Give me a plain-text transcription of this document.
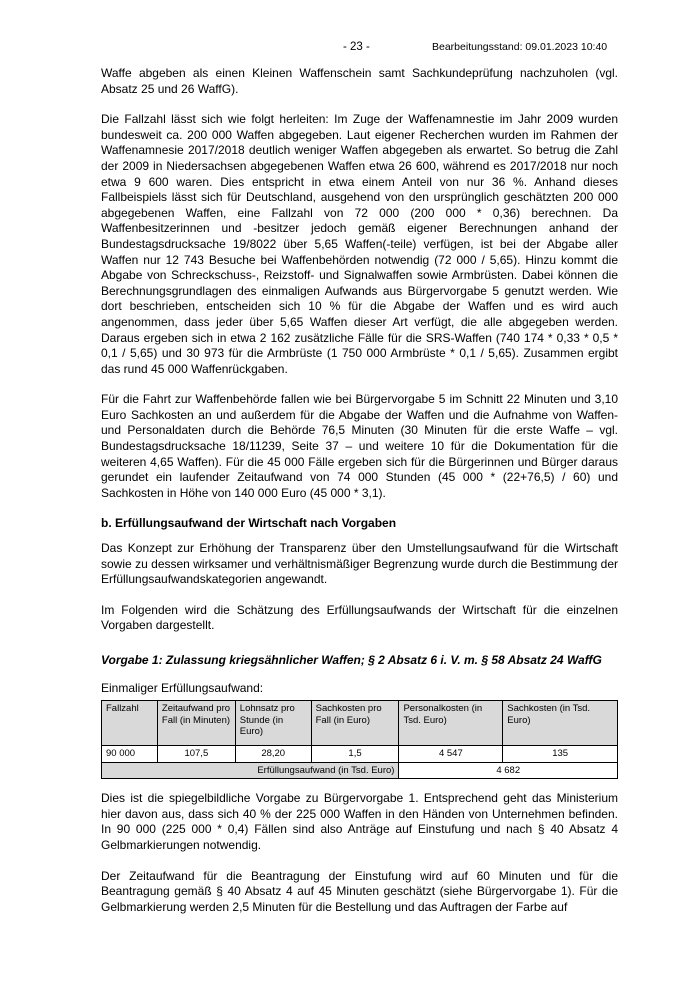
- 23 -	Bearbeitungsstand: 09.01.2023 10:40

Waffe abgeben als einen Kleinen Waffenschein samt Sachkundeprüfung nachzuholen (vgl. Absatz 25 und 26 WaffG).

Die Fallzahl lässt sich wie folgt herleiten: Im Zuge der Waffenamnestie im Jahr 2009 wurden bundesweit ca. 200 000 Waffen abgegeben. Laut eigener Recherchen wurden im Rahmen der Waffenamnesie 2017/2018 deutlich weniger Waffen abgegeben als erwartet. So betrug die Zahl der 2009 in Niedersachsen abgegebenen Waffen etwa 26 600, während es 2017/2018 nur noch etwa 9 600 waren. Dies entspricht in etwa einem Anteil von nur 36 %. Anhand dieses Fallbeispiels lässt sich für Deutschland, ausgehend von den ursprünglich geschätzten 200 000 abgegebenen Waffen, eine Fallzahl von 72 000 (200 000 * 0,36) berechnen. Da Waffenbesitzerinnen und -besitzer jedoch gemäß eigener Berechnungen anhand der Bundestagsdrucksache 19/8022 über 5,65 Waffen(-teile) verfügen, ist bei der Abgabe aller Waffen nur 12 743 Besuche bei Waffenbehörden notwendig (72 000 / 5,65). Hinzu kommt die Abgabe von Schreckschuss-, Reizstoff- und Signalwaffen sowie Armbrüsten. Dabei können die Berechnungsgrundlagen des einmaligen Aufwands aus Bürgervorgabe 5 genutzt werden. Wie dort beschrieben, entscheiden sich 10 % für die Abgabe der Waffen und es wird auch angenommen, dass jeder über 5,65 Waffen dieser Art verfügt, die alle abgegeben werden. Daraus ergeben sich in etwa 2 162 zusätzliche Fälle für die SRS-Waffen (740 174 * 0,33 * 0,5 * 0,1 / 5,65) und 30 973 für die Armbrüste (1 750 000 Armbrüste * 0,1 / 5,65). Zusammen ergibt das rund 45 000 Waffenrückgaben.

Für die Fahrt zur Waffenbehörde fallen wie bei Bürgervorgabe 5 im Schnitt 22 Minuten und 3,10 Euro Sachkosten an und außerdem für die Abgabe der Waffen und die Aufnahme von Waffen- und Personaldaten durch die Behörde 76,5 Minuten (30 Minuten für die erste Waffe – vgl. Bundestagsdrucksache 18/11239, Seite 37 – und weitere 10 für die Dokumentation für die weiteren 4,65 Waffen). Für die 45 000 Fälle ergeben sich für die Bürgerinnen und Bürger daraus gerundet ein laufender Zeitaufwand von 74 000 Stunden (45 000 * (22+76,5) / 60) und Sachkosten in Höhe von 140 000 Euro (45 000 * 3,1).

b. Erfüllungsaufwand der Wirtschaft nach Vorgaben

Das Konzept zur Erhöhung der Transparenz über den Umstellungsaufwand für die Wirtschaft sowie zu dessen wirksamer und verhältnismäßiger Begrenzung wurde durch die Bestimmung der Erfüllungsaufwandskategorien angewandt.

Im Folgenden wird die Schätzung des Erfüllungsaufwands der Wirtschaft für die einzelnen Vorgaben dargestellt.

Vorgabe 1: Zulassung kriegsähnlicher Waffen; § 2 Absatz 6 i. V. m. § 58 Absatz 24 WaffG

Einmaliger Erfüllungsaufwand:

Fallzahl	Zeitaufwand pro Fall (in Minuten)	Lohnsatz pro Stunde (in Euro)	Sachkosten pro Fall (in Euro)	Personalkosten (in Tsd. Euro)	Sachkosten (in Tsd. Euro)
90 000	107,5	28,20	1,5	4 547	135
Erfüllungsaufwand (in Tsd. Euro)				4 682	

Dies ist die spiegelbildliche Vorgabe zu Bürgervorgabe 1. Entsprechend geht das Ministerium hier davon aus, dass sich 40 % der 225 000 Waffen in den Händen von Unternehmen befinden. In 90 000 (225 000 * 0,4) Fällen sind also Anträge auf Einstufung und nach § 40 Absatz 4 Gelbmarkierungen notwendig.

Der Zeitaufwand für die Beantragung der Einstufung wird auf 60 Minuten und für die Beantragung gemäß § 40 Absatz 4 auf 45 Minuten geschätzt (siehe Bürgervorgabe 1). Für die Gelbmarkierung werden 2,5 Minuten für die Bestellung und das Auftragen der Farbe auf
